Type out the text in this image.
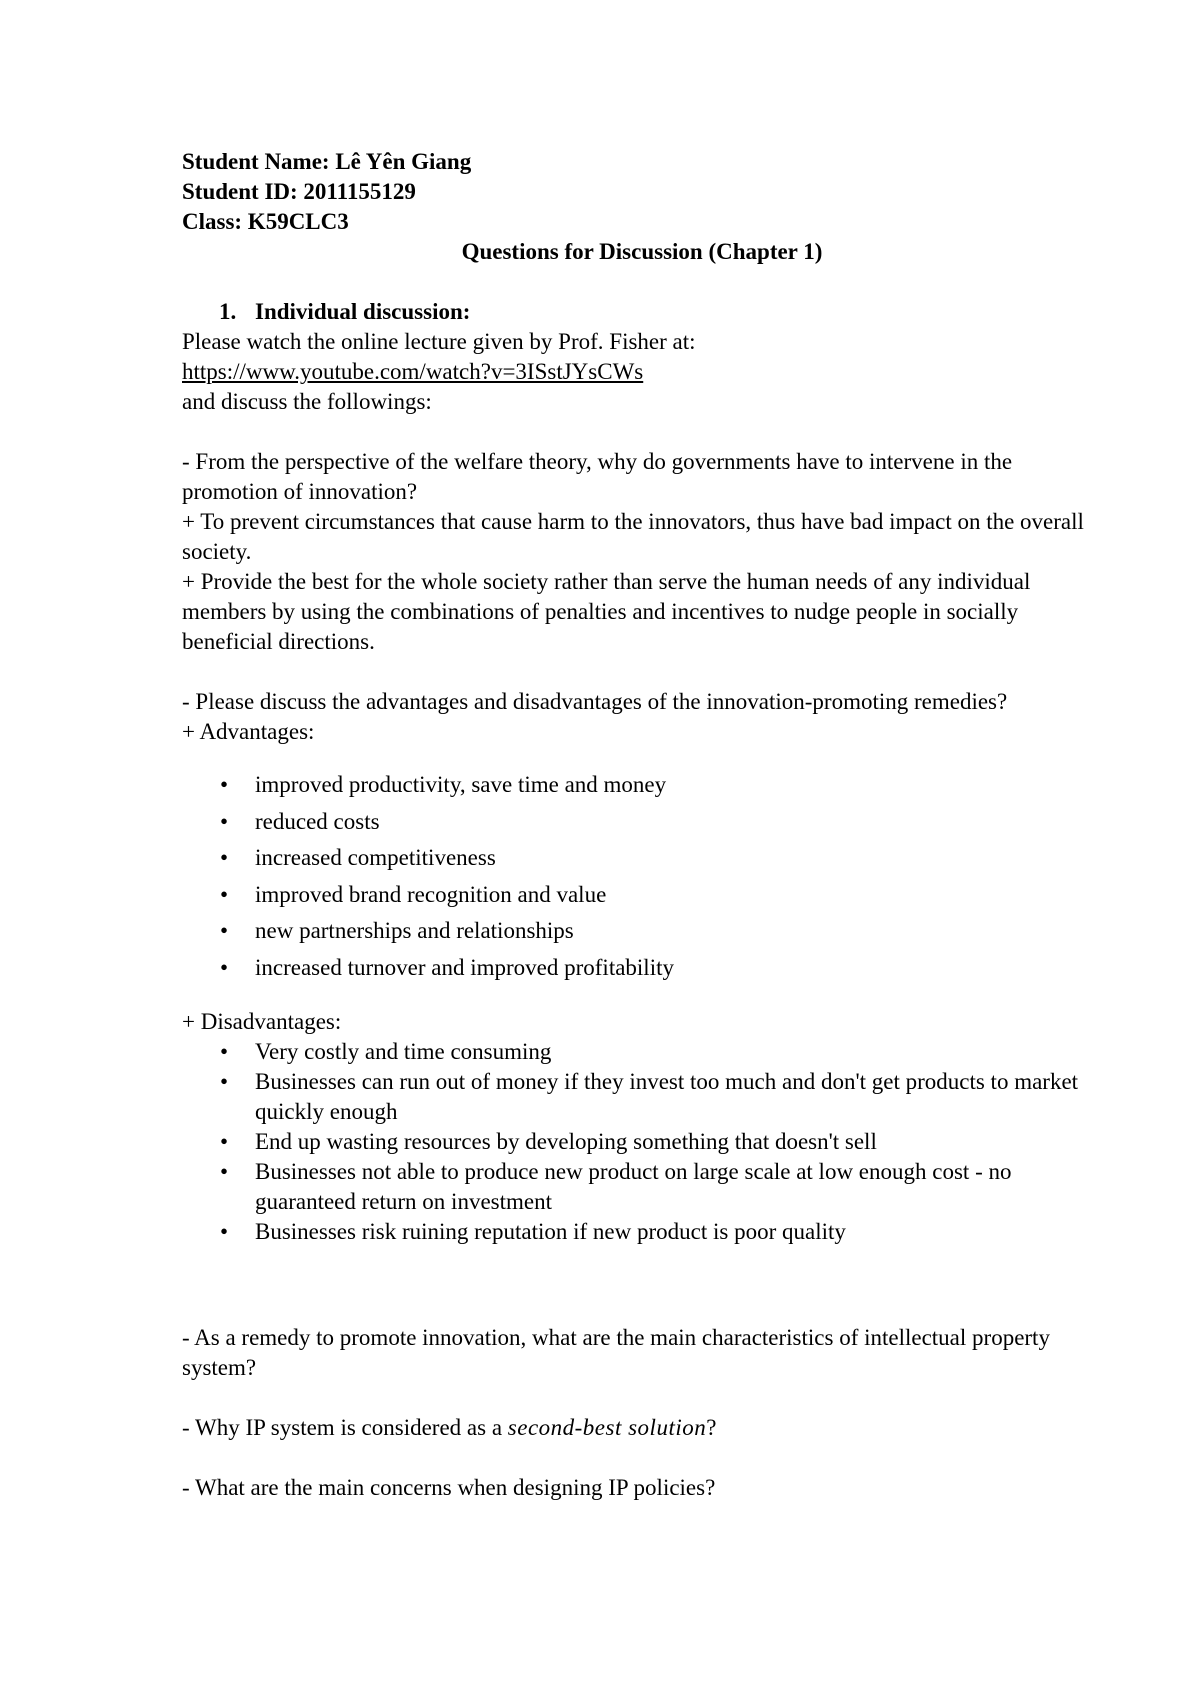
Student Name: Lê Yên Giang

Student ID: 2011155129

Class: K59CLC3

Questions for Discussion (Chapter 1)

1. Individual discussion:

Please watch the online lecture given by Prof. Fisher at:

https://www.youtube.com/watch?v=3ISstJYsCWs

and discuss the followings:

- From the perspective of the welfare theory, why do governments have to intervene in the promotion of innovation?

+ To prevent circumstances that cause harm to the innovators, thus have bad impact on the overall society.

+ Provide the best for the whole society rather than serve the human needs of any individual members by using the combinations of penalties and incentives to nudge people in socially beneficial directions.

- Please discuss the advantages and disadvantages of the innovation-promoting remedies?

+ Advantages:

• improved productivity, save time and money
• reduced costs
• increased competitiveness
• improved brand recognition and value
• new partnerships and relationships
• increased turnover and improved profitability

+ Disadvantages:

• Very costly and time consuming
• Businesses can run out of money if they invest too much and don't get products to market quickly enough
• End up wasting resources by developing something that doesn't sell
• Businesses not able to produce new product on large scale at low enough cost - no guaranteed return on investment
• Businesses risk ruining reputation if new product is poor quality

- As a remedy to promote innovation, what are the main characteristics of intellectual property system?

- Why IP system is considered as a second-best solution?

- What are the main concerns when designing IP policies?
